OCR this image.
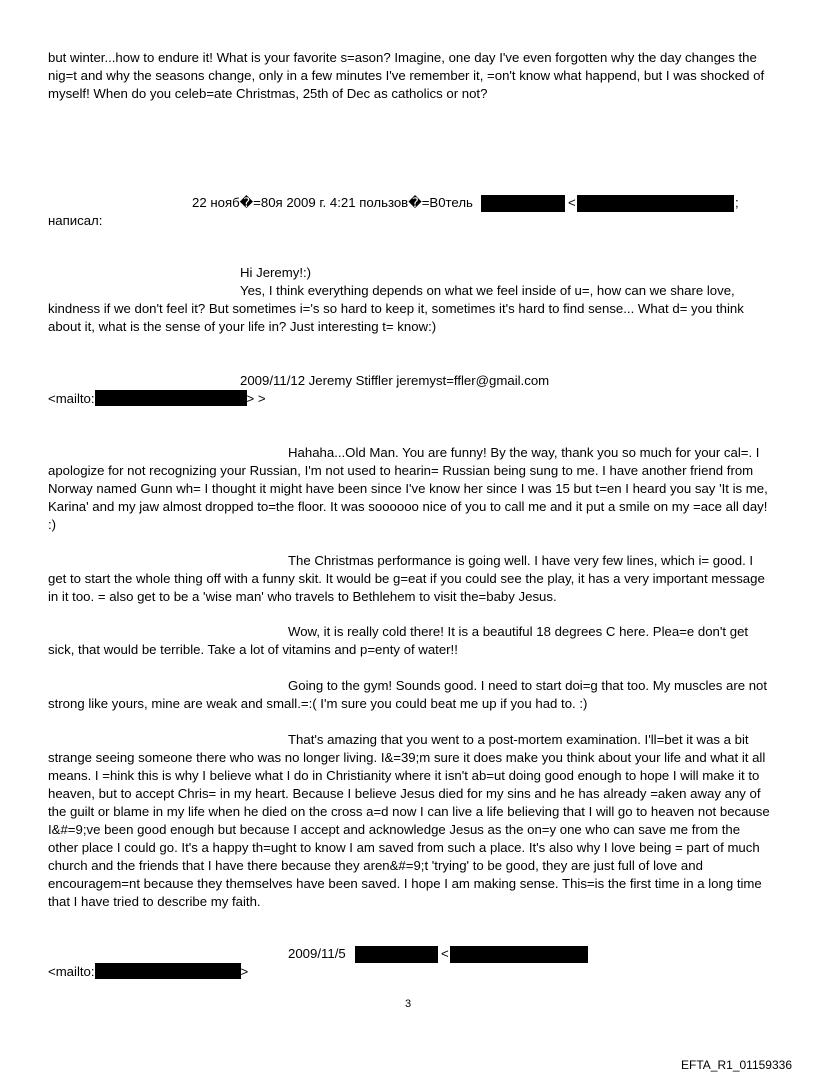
but winter...how to endure it! What is your favorite s=ason? Imagine, one day I've even forgotten why the day changes the nig=t and why the seasons change, only in a few minutes I've remember it, =on't know what happend, but I was shocked of myself! When do you celeb=ate Christmas, 25th of Dec as catholics or not?

22 нояб�=80я 2009 г. 4:21 пользов�=B0тель	<	;
написал:
Hi Jeremy!:)

Yes, I think everything depends on what we feel inside of u=, how can we share love, kindness if we don't feel it? But sometimes i='s so hard to keep it, sometimes it's hard to find sense... What d= you think about it, what is the sense of your life in? Just interesting t= know:)

2009/11/12 Jeremy Stiffler jeremyst=ffler@gmail.com
<mailto:	> >

Hahaha...Old Man. You are funny! By the way, thank you so much for your cal=. I apologize for not recognizing your Russian, I'm not used to hearin= Russian being sung to me. I have another friend from Norway named Gunn wh= I thought it might have been since I've know her since I was 15 but t=en I heard you say 'It is me, Karina' and my jaw almost dropped to=the floor. It was soooooo nice of you to call me and it put a smile on my =ace all day! :)

The Christmas performance is going well. I have very few lines, which i= good. I get to start the whole thing off with a funny skit. It would be g=eat if you could see the play, it has a very important message in it too. = also get to be a 'wise man' who travels to Bethlehem to visit the=baby Jesus.

Wow, it is really cold there! It is a beautiful 18 degrees C here. Plea=e don't get sick, that would be terrible. Take a lot of vitamins and p=enty of water!!

Going to the gym! Sounds good. I need to start doi=g that too. My muscles are not strong like yours, mine are weak and small.=:( I'm sure you could beat me up if you had to. :)

That's amazing that you went to a post-mortem examination. I'll=bet it was a bit strange seeing someone there who was no longer living. I&=39;m sure it does make you think about your life and what it all means. I =hink this is why I believe what I do in Christianity where it isn't ab=ut doing good enough to hope I will make it to heaven, but to accept Chris= in my heart. Because I believe Jesus died for my sins and he has already =aken away any of the guilt or blame in my life when he died on the cross a=d now I can live a life believing that I will go to heaven not because I&#=9;ve been good enough but because I accept and acknowledge Jesus as the on=y one who can save me from the other place I could go. It's a happy th=ught to know I am saved from such a place. It's also why I love being = part of much church and the friends that I have there because they aren&#=9;t 'trying' to be good, they are just full of love and encouragem=nt because they themselves have been saved. I hope I am making sense. This=is the first time in a long time that I have tried to describe my faith.

2009/11/5	<
<mailto:	>
3
EFTA_R1_01159336
